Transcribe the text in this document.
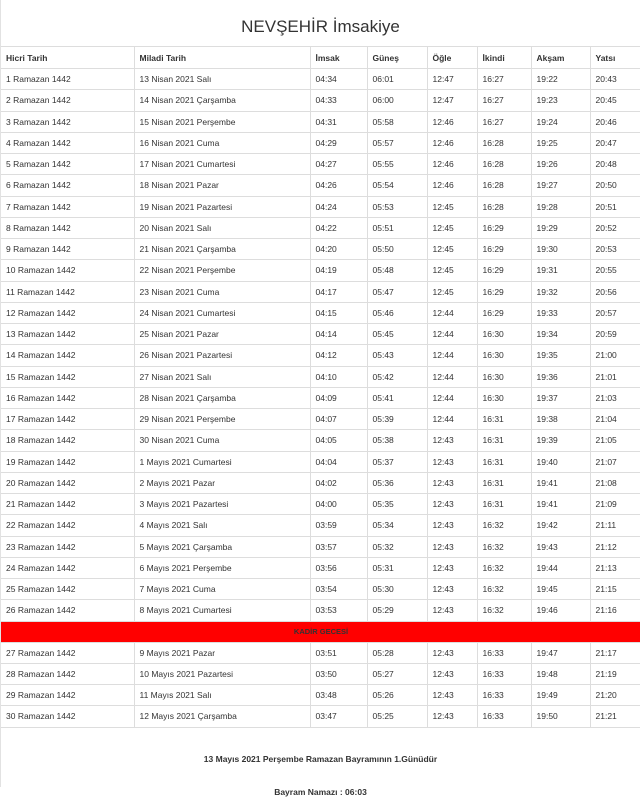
NEVŞEHİR İmsakiye
Hicri Tarih	Miladi Tarih	İmsak	Güneş	Öğle	İkindi	Akşam	Yatsı
1 Ramazan 1442	13 Nisan 2021 Salı	04:34	06:01	12:47	16:27	19:22	20:43
2 Ramazan 1442	14 Nisan 2021 Çarşamba	04:33	06:00	12:47	16:27	19:23	20:45
3 Ramazan 1442	15 Nisan 2021 Perşembe	04:31	05:58	12:46	16:27	19:24	20:46
4 Ramazan 1442	16 Nisan 2021 Cuma	04:29	05:57	12:46	16:28	19:25	20:47
5 Ramazan 1442	17 Nisan 2021 Cumartesi	04:27	05:55	12:46	16:28	19:26	20:48
6 Ramazan 1442	18 Nisan 2021 Pazar	04:26	05:54	12:46	16:28	19:27	20:50
7 Ramazan 1442	19 Nisan 2021 Pazartesi	04:24	05:53	12:45	16:28	19:28	20:51
8 Ramazan 1442	20 Nisan 2021 Salı	04:22	05:51	12:45	16:29	19:29	20:52
9 Ramazan 1442	21 Nisan 2021 Çarşamba	04:20	05:50	12:45	16:29	19:30	20:53
10 Ramazan 1442	22 Nisan 2021 Perşembe	04:19	05:48	12:45	16:29	19:31	20:55
11 Ramazan 1442	23 Nisan 2021 Cuma	04:17	05:47	12:45	16:29	19:32	20:56
12 Ramazan 1442	24 Nisan 2021 Cumartesi	04:15	05:46	12:44	16:29	19:33	20:57
13 Ramazan 1442	25 Nisan 2021 Pazar	04:14	05:45	12:44	16:30	19:34	20:59
14 Ramazan 1442	26 Nisan 2021 Pazartesi	04:12	05:43	12:44	16:30	19:35	21:00
15 Ramazan 1442	27 Nisan 2021 Salı	04:10	05:42	12:44	16:30	19:36	21:01
16 Ramazan 1442	28 Nisan 2021 Çarşamba	04:09	05:41	12:44	16:30	19:37	21:03
17 Ramazan 1442	29 Nisan 2021 Perşembe	04:07	05:39	12:44	16:31	19:38	21:04
18 Ramazan 1442	30 Nisan 2021 Cuma	04:05	05:38	12:43	16:31	19:39	21:05
19 Ramazan 1442	1 Mayıs 2021 Cumartesi	04:04	05:37	12:43	16:31	19:40	21:07
20 Ramazan 1442	2 Mayıs 2021 Pazar	04:02	05:36	12:43	16:31	19:41	21:08
21 Ramazan 1442	3 Mayıs 2021 Pazartesi	04:00	05:35	12:43	16:31	19:41	21:09
22 Ramazan 1442	4 Mayıs 2021 Salı	03:59	05:34	12:43	16:32	19:42	21:11
23 Ramazan 1442	5 Mayıs 2021 Çarşamba	03:57	05:32	12:43	16:32	19:43	21:12
24 Ramazan 1442	6 Mayıs 2021 Perşembe	03:56	05:31	12:43	16:32	19:44	21:13
25 Ramazan 1442	7 Mayıs 2021 Cuma	03:54	05:30	12:43	16:32	19:45	21:15
26 Ramazan 1442	8 Mayıs 2021 Cumartesi	03:53	05:29	12:43	16:32	19:46	21:16
KADİR GECESİ							
27 Ramazan 1442	9 Mayıs 2021 Pazar	03:51	05:28	12:43	16:33	19:47	21:17
28 Ramazan 1442	10 Mayıs 2021 Pazartesi	03:50	05:27	12:43	16:33	19:48	21:19
29 Ramazan 1442	11 Mayıs 2021 Salı	03:48	05:26	12:43	16:33	19:49	21:20
30 Ramazan 1442	12 Mayıs 2021 Çarşamba	03:47	05:25	12:43	16:33	19:50	21:21
13 Mayıs 2021 Perşembe Ramazan Bayramının 1.Günüdür
Bayram Namazı : 06:03
